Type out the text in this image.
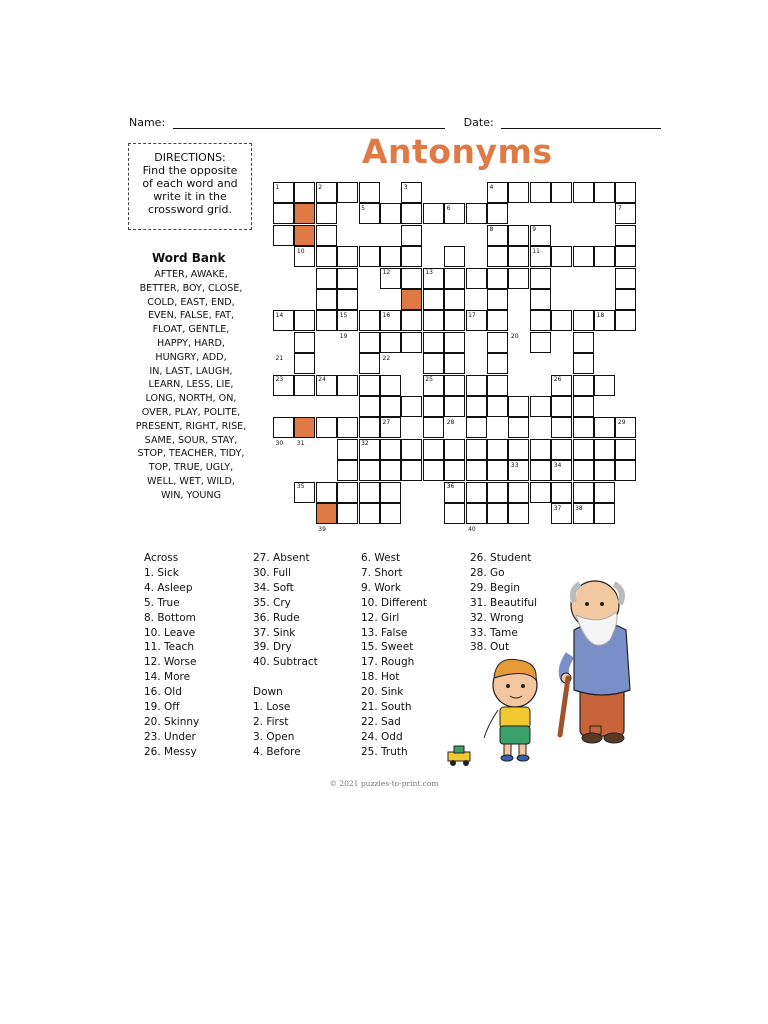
Name:	Date:
DIRECTIONS:
Find the opposite
of each word and
write it in the
crossword grid.
Antonyms
Word Bank
AFTER, AWAKE,
BETTER, BOY, CLOSE,
COLD, EAST, END,
EVEN, FALSE, FAT,
FLOAT, GENTLE,
HAPPY, HARD,
HUNGRY, ADD,
IN, LAST, LAUGH,
LEARN, LESS, LIE,
LONG, NORTH, ON,
OVER, PLAY, POLITE,
PRESENT, RIGHT, RISE,
SAME, SOUR, STAY,
STOP, TEACHER, TIDY,
TOP, TRUE, UGLY,
WELL, WET, WILD,
WIN, YOUNG
1	2	3	4
5	6	7
8	9
10	11
12	13
14	15	16	17	18
19	20
21	22
23	24	25	26
27	28	29
30 31	32
33	34
35	36
37 38
39	40
Across
1. Sick
4. Asleep
5. True
8. Bottom
10. Leave
11. Teach
12. Worse
14. More
16. Old
19. Off
20. Skinny
23. Under
26. Messy
27. Absent
30. Full
34. Soft
35. Cry
36. Rude
37. Sink
39. Dry
40. Subtract

Down
1. Lose
2. First
3. Open
4. Before
6. West
7. Short
9. Work
10. Different
12. Girl
13. False
15. Sweet
17. Rough
18. Hot
20. Sink
21. South
22. Sad
24. Odd
25. Truth
26. Student
28. Go
29. Begin
31. Beautiful
32. Wrong
33. Tame
38. Out
© 2021 puzzles-to-print.com
